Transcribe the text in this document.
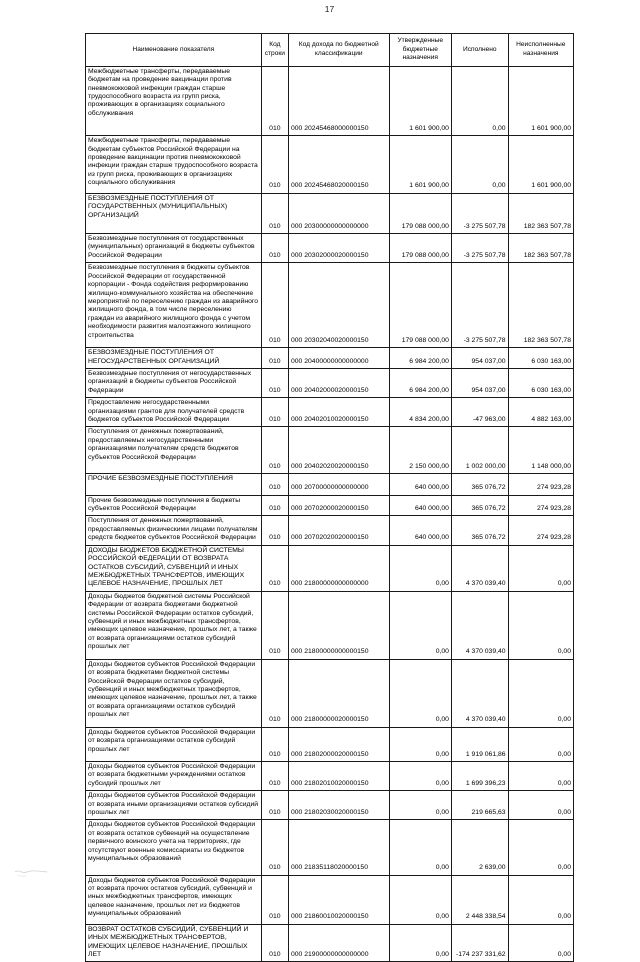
17
Наименование показателя	Код строки	Код дохода по бюджетной классификации	Утвержденные бюджетные назначения	Исполнено	Неисполненные назначения

Межбюджетные трансферты, передаваемые бюджетам на проведение вакцинации против пневмококковой инфекции граждан старше трудоспособного возраста из групп риска, проживающих в организациях социального обслуживания	010	000 20245468000000150	1 601 900,00	0,00	1 601 900,00

Межбюджетные трансферты, передаваемые бюджетам субъектов Российской Федерации на проведение вакцинации против пневмококковой инфекции граждан старше трудоспособного возраста из групп риска, проживающих в организациях социального обслуживания	010	000 20245468020000150	1 601 900,00	0,00	1 601 900,00

БЕЗВОЗМЕЗДНЫЕ ПОСТУПЛЕНИЯ ОТ ГОСУДАРСТВЕННЫХ (МУНИЦИПАЛЬНЫХ) ОРГАНИЗАЦИЙ	010	000 20300000000000000	179 088 000,00	-3 275 507,78	182 363 507,78

Безвозмездные поступления от государственных (муниципальных) организаций в бюджеты субъектов Российской Федерации	010	000 20302000020000150	179 088 000,00	-3 275 507,78	182 363 507,78

Безвозмездные поступления в бюджеты субъектов Российской Федерации от государственной корпорации - Фонда содействия реформированию жилищно-коммунального хозяйства на обеспечение мероприятий по переселению граждан из аварийного жилищного фонда, в том числе переселению граждан из аварийного жилищного фонда с учетом необходимости развития малоэтажного жилищного строительства	010	000 20302040020000150	179 088 000,00	-3 275 507,78	182 363 507,78

БЕЗВОЗМЕЗДНЫЕ ПОСТУПЛЕНИЯ ОТ НЕГОСУДАРСТВЕННЫХ ОРГАНИЗАЦИЙ	010	000 20400000000000000	6 984 200,00	954 037,00	6 030 163,00

Безвозмездные поступления от негосударственных организаций в бюджеты субъектов Российской Федерации	010	000 20402000020000150	6 984 200,00	954 037,00	6 030 163,00

Предоставление негосударственными организациями грантов для получателей средств бюджетов субъектов Российской Федерации	010	000 20402010020000150	4 834 200,00	-47 963,00	4 882 163,00

Поступления от денежных пожертвований, предоставляемых негосударственными организациями получателям средств бюджетов субъектов Российской Федерации	010	000 20402020020000150	2 150 000,00	1 002 000,00	1 148 000,00

ПРОЧИЕ БЕЗВОЗМЕЗДНЫЕ ПОСТУПЛЕНИЯ	010	000 20700000000000000	640 000,00	365 076,72	274 923,28

Прочие безвозмездные поступления в бюджеты субъектов Российской Федерации	010	000 20702000020000150	640 000,00	365 076,72	274 923,28

Поступления от денежных пожертвований, предоставляемых физическими лицами получателям средств бюджетов субъектов Российской Федерации	010	000 20702020020000150	640 000,00	365 076,72	274 923,28

ДОХОДЫ БЮДЖЕТОВ БЮДЖЕТНОЙ СИСТЕМЫ РОССИЙСКОЙ ФЕДЕРАЦИИ ОТ ВОЗВРАТА ОСТАТКОВ СУБСИДИЙ, СУБВЕНЦИЙ И ИНЫХ МЕЖБЮДЖЕТНЫХ ТРАНСФЕРТОВ, ИМЕЮЩИХ ЦЕЛЕВОЕ НАЗНАЧЕНИЕ, ПРОШЛЫХ ЛЕТ	010	000 21800000000000000	0,00	4 370 039,40	0,00

Доходы бюджетов бюджетной системы Российской Федерации от возврата бюджетами бюджетной системы Российской Федерации остатков субсидий, субвенций и иных межбюджетных трансфертов, имеющих целевое назначение, прошлых лет, а также от возврата организациями остатков субсидий прошлых лет	010	000 21800000000000150	0,00	4 370 039,40	0,00

Доходы бюджетов субъектов Российской Федерации от возврата бюджетами бюджетной системы Российской Федерации остатков субсидий, субвенций и иных межбюджетных трансфертов, имеющих целевое назначение, прошлых лет, а также от возврата организациями остатков субсидий прошлых лет	010	000 21800000020000150	0,00	4 370 039,40	0,00

Доходы бюджетов субъектов Российской Федерации от возврата организациями остатков субсидий прошлых лет	010	000 21802000020000150	0,00	1 919 061,86	0,00

Доходы бюджетов субъектов Российской Федерации от возврата бюджетными учреждениями остатков субсидий прошлых лет	010	000 21802010020000150	0,00	1 699 396,23	0,00

Доходы бюджетов субъектов Российской Федерации от возврата иными организациями остатков субсидий прошлых лет	010	000 21802030020000150	0,00	219 665,63	0,00

Доходы бюджетов субъектов Российской Федерации от возврата остатков субвенций на осуществление первичного воинского учета на территориях, где отсутствуют военные комиссариаты из бюджетов муниципальных образований	010	000 21835118020000150	0,00	2 639,00	0,00

Доходы бюджетов субъектов Российской Федерации от возврата прочих остатков субсидий, субвенций и иных межбюджетных трансфертов, имеющих целевое назначение, прошлых лет из бюджетов муниципальных образований	010	000 21860010020000150	0,00	2 448 338,54	0,00

ВОЗВРАТ ОСТАТКОВ СУБСИДИЙ, СУБВЕНЦИЙ И ИНЫХ МЕЖБЮДЖЕТНЫХ ТРАНСФЕРТОВ, ИМЕЮЩИХ ЦЕЛЕВОЕ НАЗНАЧЕНИЕ, ПРОШЛЫХ ЛЕТ	010	000 21900000000000000	0,00	-174 237 331,62	0,00
